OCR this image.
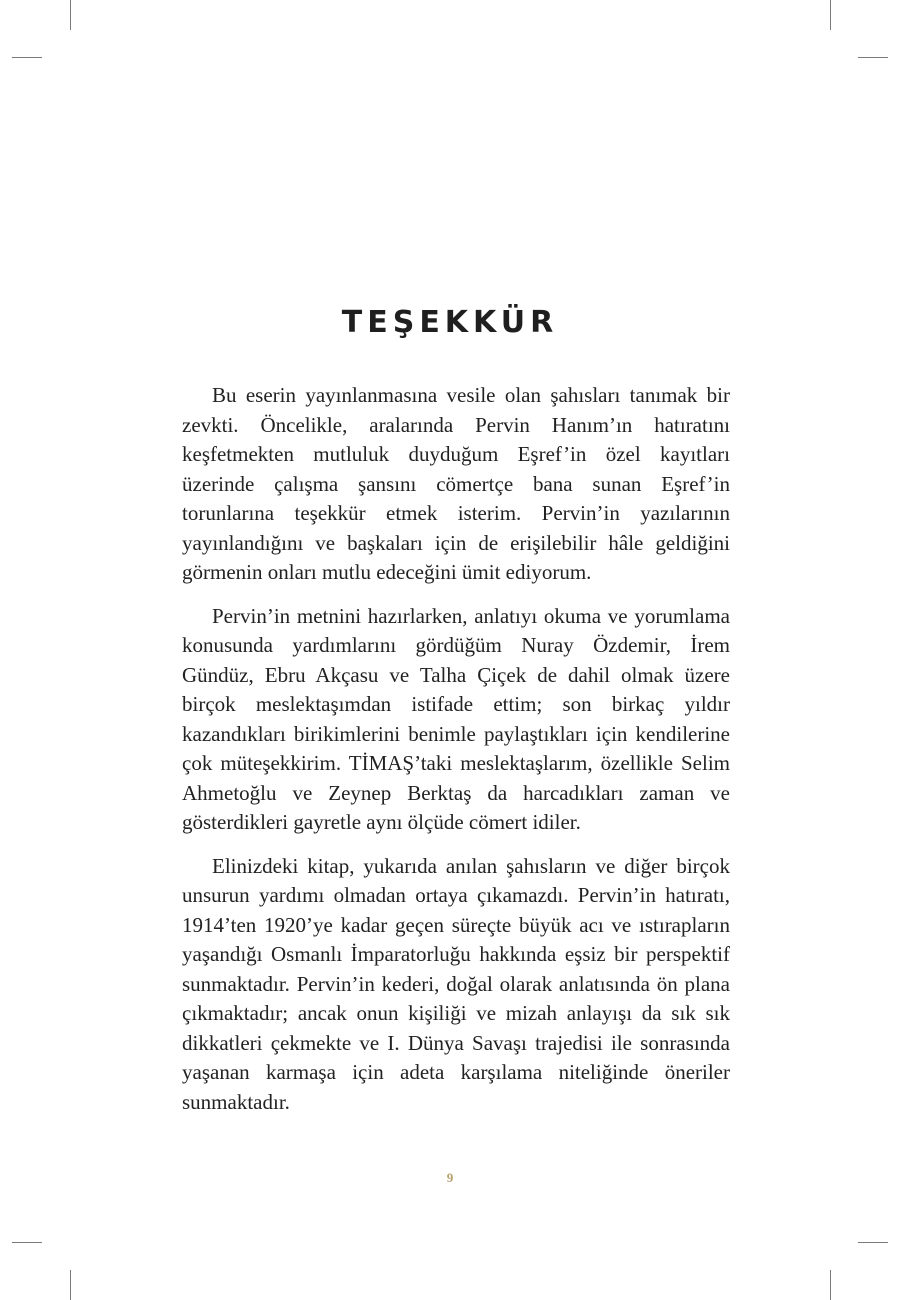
TEŞEKKÜR

Bu eserin yayınlanmasına vesile olan şahısları tanımak bir zevkti. Öncelikle, aralarında Pervin Hanım’ın hatıratını keşfetmekten mutluluk duyduğum Eşref’in özel kayıtları üzerinde çalışma şansını cömertçe bana sunan Eşref’in torunlarına teşekkür etmek isterim. Pervin’in yazılarının yayınlandığını ve başkaları için de erişilebilir hâle geldiğini görmenin onları mutlu edeceğini ümit ediyorum.

Pervin’in metnini hazırlarken, anlatıyı okuma ve yorumlama konusunda yardımlarını gördüğüm Nuray Özdemir, İrem Gündüz, Ebru Akçasu ve Talha Çiçek de dahil olmak üzere birçok meslektaşımdan istifade ettim; son birkaç yıldır kazandıkları birikimlerini benimle paylaştıkları için kendilerine çok müteşekkirim. TİMAŞ’taki meslektaşlarım, özellikle Selim Ahmetoğlu ve Zeynep Berktaş da harcadıkları zaman ve gösterdikleri gayretle aynı ölçüde cömert idiler.

Elinizdeki kitap, yukarıda anılan şahısların ve diğer birçok unsurun yardımı olmadan ortaya çıkamazdı. Pervin’in hatıratı, 1914’ten 1920’ye kadar geçen süreçte büyük acı ve ıstırapların yaşandığı Osmanlı İmparatorluğu hakkında eşsiz bir perspektif sunmaktadır. Pervin’in kederi, doğal olarak anlatısında ön plana çıkmaktadır; ancak onun kişiliği ve mizah anlayışı da sık sık dikkatleri çekmekte ve I. Dünya Savaşı trajedisi ile sonrasında yaşanan karmaşa için adeta karşılama niteliğinde öneriler sunmaktadır.

9
